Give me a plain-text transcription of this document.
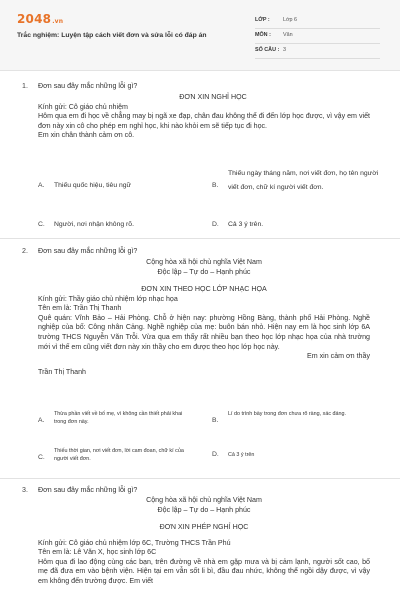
2048.vn
Trắc nghiệm: Luyện tập cách viết đơn và sửa lỗi có đáp án
LỚP : Lớp 6
MÔN : Văn
SỐ CÂU : 3
1. Đơn sau đây mắc những lỗi gì?

ĐƠN XIN NGHỈ HỌC

Kính gửi: Cô giáo chủ nhiệm

Hôm qua em đi học về chẳng may bị ngã xe đạp, chân đau không thể đi đến lớp học được, vì vậy em viết đơn này xin cô cho phép em nghỉ học, khi nào khỏi em sẽ tiếp tục đi học.

Em xin chân thành cảm ơn cô.

A. Thiếu quốc hiệu, tiêu ngữ	B.
Thiếu ngày tháng năm, nơi viết đơn, họ tên người viết đơn, chữ kí người viết đơn.
C. Người, nơi nhận không rõ.	D. Cả 3 ý trên.
2. Đơn sau đây mắc những lỗi gì?

Cộng hòa xã hội chủ nghĩa Việt Nam

Độc lập – Tự do – Hạnh phúc

ĐƠN XIN THEO HỌC LỚP NHẠC HỌA

Kính gửi: Thầy giáo chủ nhiệm lớp nhạc họa

Tên em là: Trần Thị Thanh

Quê quán: Vĩnh Bảo – Hải Phòng. Chỗ ở hiện nay: phường Hồng Bàng, thành phố Hải Phòng. Nghề nghiệp của bố: Công nhân Cảng. Nghề nghiệp của mẹ: buôn bán nhỏ. Hiện nay em là học sinh lớp 6A trường THCS Nguyễn Văn Trỗi. Vừa qua em thấy rất nhiều bạn theo học lớp nhạc họa của nhà trường mới vì thế em cũng viết đơn này xin thầy cho em được theo học lớp học này.

Em xin cảm ơn thầy

Trần Thị Thanh

A.
Thừa phần viết về bố mẹ, vì không cần thiết phải khai trong đơn này.	B.
Lí do trình bày trong đơn chưa rõ ràng, xác đáng.
C.
Thiếu thời gian, nơi viết đơn, lời cam đoan, chữ kí của người viết đơn.
D. Cả 3 ý trên
3. Đơn sau đây mắc những lỗi gì?

Cộng hòa xã hội chủ nghĩa Việt Nam

Độc lập – Tự do – Hạnh phúc

ĐƠN XIN PHÉP NGHỈ HỌC

Kính gửi: Cô giáo chủ nhiệm lớp 6C, Trường THCS Trần Phú

Tên em là: Lê Văn X, học sinh lớp 6C

Hôm qua đi lao động cùng các bạn, trên đường về nhà em gặp mưa và bị cảm lạnh, người sốt cao, bố mẹ đã đưa em vào bệnh viện. Hiện tại em vẫn sốt li bì, đầu đau nhức, không thể ngồi dậy được, vì vậy em không đến trường được. Em viết
